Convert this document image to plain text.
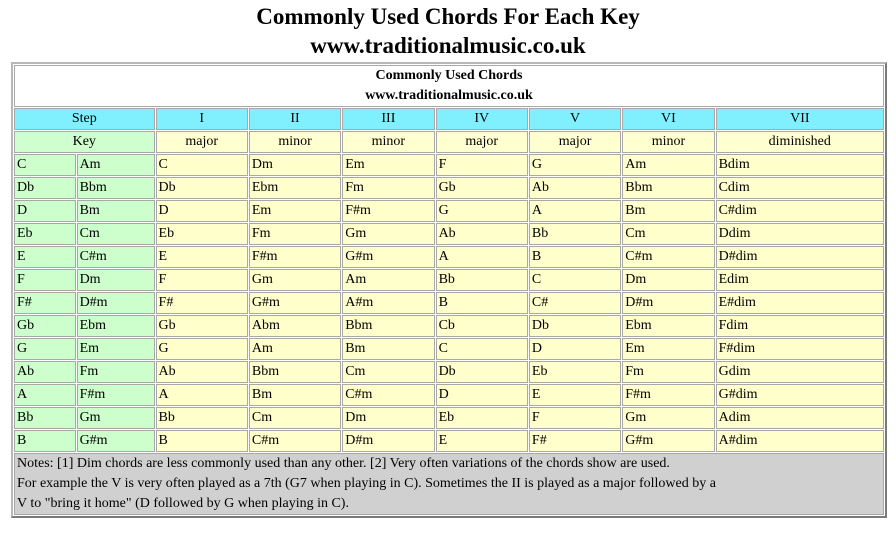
Commonly Used Chords For Each Key
www.traditionalmusic.co.uk
Commonly Used Chords
www.traditionalmusic.co.uk								

Step		I	II	III	IV	V	VI	VII
Key		major	minor	minor	major	major	minor	diminished
C	Am	C	Dm	Em	F	G	Am	Bdim
Db	Bbm	Db	Ebm	Fm	Gb	Ab	Bbm	Cdim
D	Bm	D	Em	F#m	G	A	Bm	C#dim
Eb	Cm	Eb	Fm	Gm	Ab	Bb	Cm	Ddim
E	C#m	E	F#m	G#m	A	B	C#m	D#dim
F	Dm	F	Gm	Am	Bb	C	Dm	Edim
F#	D#m	F#	G#m	A#m	B	C#	D#m	E#dim
Gb	Ebm	Gb	Abm	Bbm	Cb	Db	Ebm	Fdim
G	Em	G	Am	Bm	C	D	Em	F#dim
Ab	Fm	Ab	Bbm	Cm	Db	Eb	Fm	Gdim
A	F#m	A	Bm	C#m	D	E	F#m	G#dim
Bb	Gm	Bb	Cm	Dm	Eb	F	Gm	Adim
B	G#m	B	C#m	D#m	E	F#	G#m	A#dim

Notes: [1] Dim chords are less commonly used than any other. [2] Very often variations of the chords show are used.
For example the V is very often played as a 7th (G7 when playing in C). Sometimes the II is played as a major followed by a
V to "bring it home" (D followed by G when playing in C).								
